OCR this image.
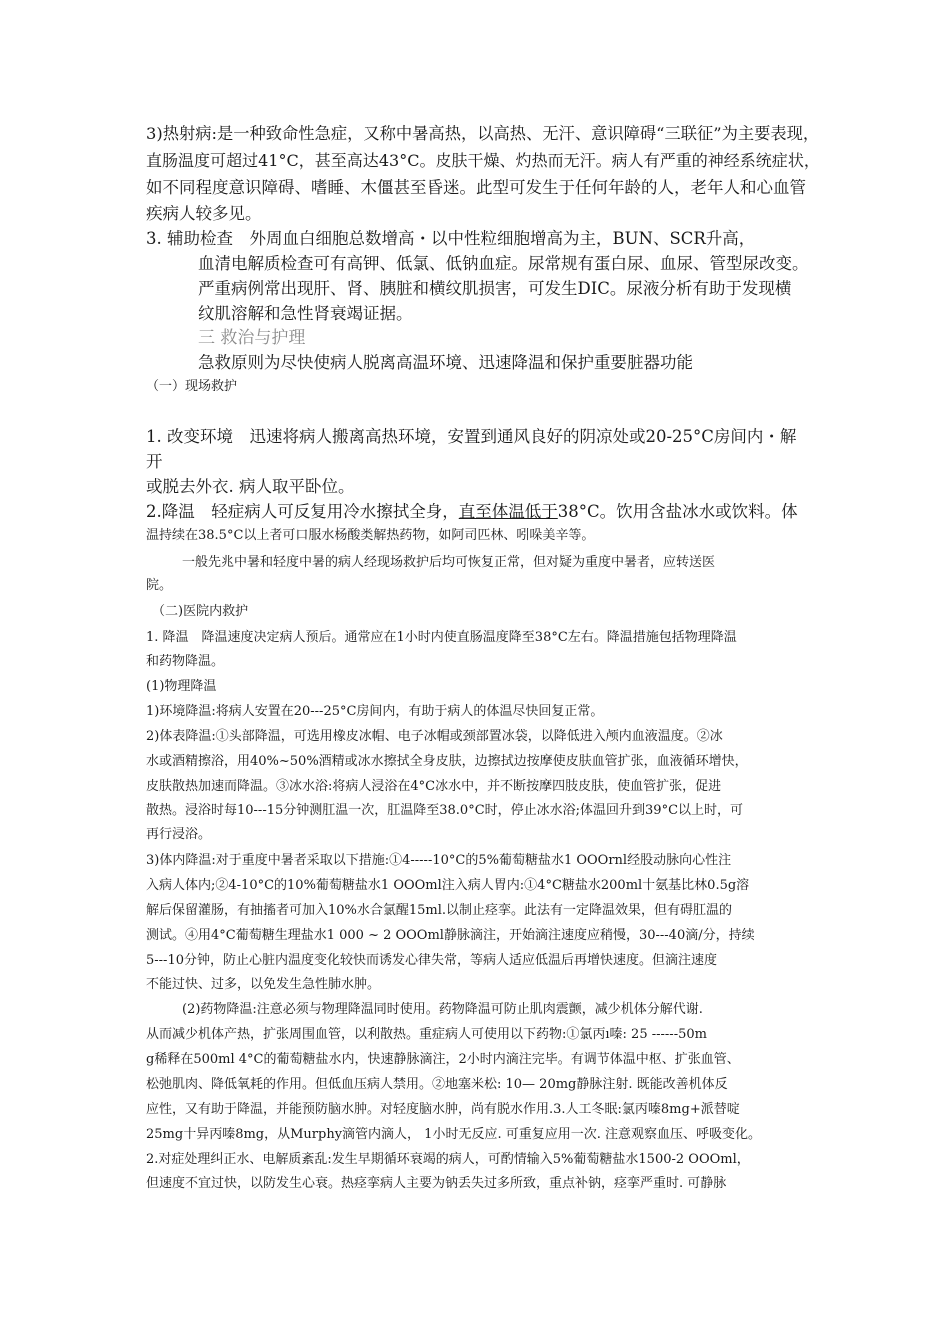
3)热射病:是一种致命性急症，又称中暑高热，以高热、无汗、意识障碍“三联征”为主要表现，

直肠温度可超过41°C，甚至高达43°C。皮肤干燥、灼热而无汗。病人有严重的神经系统症状，

如不同程度意识障碍、嗜睡、木僵甚至昏迷。此型可发生于任何年龄的人，老年人和心血管

疾病人较多见。

3. 辅助检查　外周血白细胞总数增高・以中性粒细胞增高为主，BUN、SCR升高，

血清电解质检查可有高钾、低氯、低钠血症。尿常规有蛋白尿、血尿、管型尿改变。

严重病例常出现肝、肾、胰脏和横纹肌损害，可发生DIC。尿液分析有助于发现横

纹肌溶解和急性肾衰竭证据。

三 救治与护理

急救原则为尽快使病人脱离高温环境、迅速降温和保护重要脏器功能

（一）现场救护

1. 改变环境　迅速将病人搬离高热环境，安置到通风良好的阴凉处或20-25°C房间内・解

开

或脱去外衣. 病人取平卧位。

2.降温　轻症病人可反复用冷水擦拭全身，直至体温低于38°C。饮用含盐冰水或饮料。体

温持续在38.5°C以上者可口服水杨酸类解热药物，如阿司匹林、吲哚美辛等。

一般先兆中暑和轻度中暑的病人经现场救护后均可恢复正常，但对疑为重度中暑者，应转送医

院。

（二)医院内救护

1. 降温　降温速度决定病人预后。通常应在1小时内使直肠温度降至38°C左右。降温措施包括物理降温

和药物降温。

(1)物理降温

1)环境降温:将病人安置在20---25°C房间内，有助于病人的体温尽快回复正常。

2)体表降温:①头部降温，可选用橡皮冰帽、电子冰帽或颈部置冰袋，以降低进入颅内血液温度。②冰

水或酒精擦浴，用40%~50%酒精或冰水擦拭全身皮肤，边擦拭边按摩使皮肤血管扩张，血液循环增快，

皮肤散热加速而降温。③冰水浴:将病人浸浴在4°C冰水中，并不断按摩四肢皮肤，使血管扩张，促进

散热。浸浴时每10---15分钟测肛温一次，肛温降至38.0°C时，停止冰水浴;体温回升到39°C以上时，可

再行浸浴。

3)体内降温:对于重度中暑者采取以下措施:①4-----10°C的5%葡萄糖盐水1 OOOrnl经股动脉向心性注

入病人体内;②4-10°C的10%葡萄糖盐水1 OOOml注入病人胃内:①4°C糖盐水200ml十氨基比林0.5g溶

解后保留灌肠，有抽搐者可加入10%水合氯醒15ml.以制止痉挛。此法有一定降温效果，但有碍肛温的

测试。④用4°C葡萄糖生理盐水1 000 ~ 2 OOOml静脉滴注，开始滴注速度应稍慢，30---40滴/分，持续

5---10分钟，防止心脏内温度变化较快而诱发心律失常，等病人适应低温后再增快速度。但滴注速度

不能过快、过多，以免发生急性肺水肿。

(2)药物降温:注意必须与物理降温同时使用。药物降温可防止肌肉震颤，减少机体分解代谢.

从而减少机体产热，扩张周围血管，以利散热。重症病人可使用以下药物:①氯丙ı嗪: 25 ------50m

g稀释在500ml 4°C的葡萄糖盐水内，快速静脉滴注，2小时内滴注完毕。有调节体温中枢、扩张血管、

松弛肌肉、降低氧耗的作用。但低血压病人禁用。②地塞米松: 10— 20mg静脉注射. 既能改善机体反

应性，又有助于降温，并能预防脑水肿。对轻度脑水肿，尚有脱水作用.3.人工冬眠:氯丙嗪8mg+派替啶

25mg十异丙嗪8mg，从Murphy滴管内滴人， 1小时无反应. 可重复应用一次. 注意观察血压、呼吸变化。

2.对症处理纠正水、电解质紊乱:发生早期循环衰竭的病人，可酌情输入5%葡萄糖盐水1500-2 OOOml，

但速度不宜过快，以防发生心衰。热痉挛病人主要为钠丢失过多所致，重点补钠，痉挛严重时. 可静脉
